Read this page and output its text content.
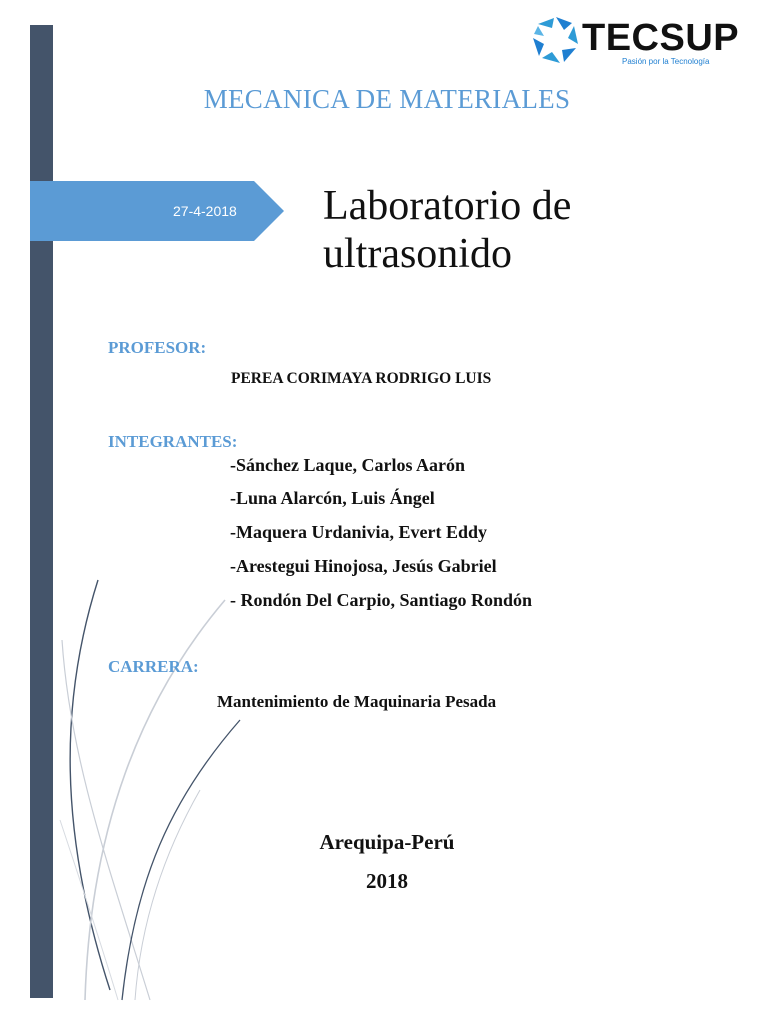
TECSUP
Pasión por la Tecnología
MECANICA DE MATERIALES
27-4-2018	Laboratorio de
ultrasonido
PROFESOR:
PEREA CORIMAYA RODRIGO LUIS
INTEGRANTES:
-Sánchez Laque, Carlos Aarón
-Luna Alarcón, Luis Ángel
-Maquera Urdanivia, Evert Eddy
-Arestegui Hinojosa, Jesús Gabriel
- Rondón Del Carpio, Santiago Rondón
CARRERA:
Mantenimiento de Maquinaria Pesada
Arequipa-Perú
2018
